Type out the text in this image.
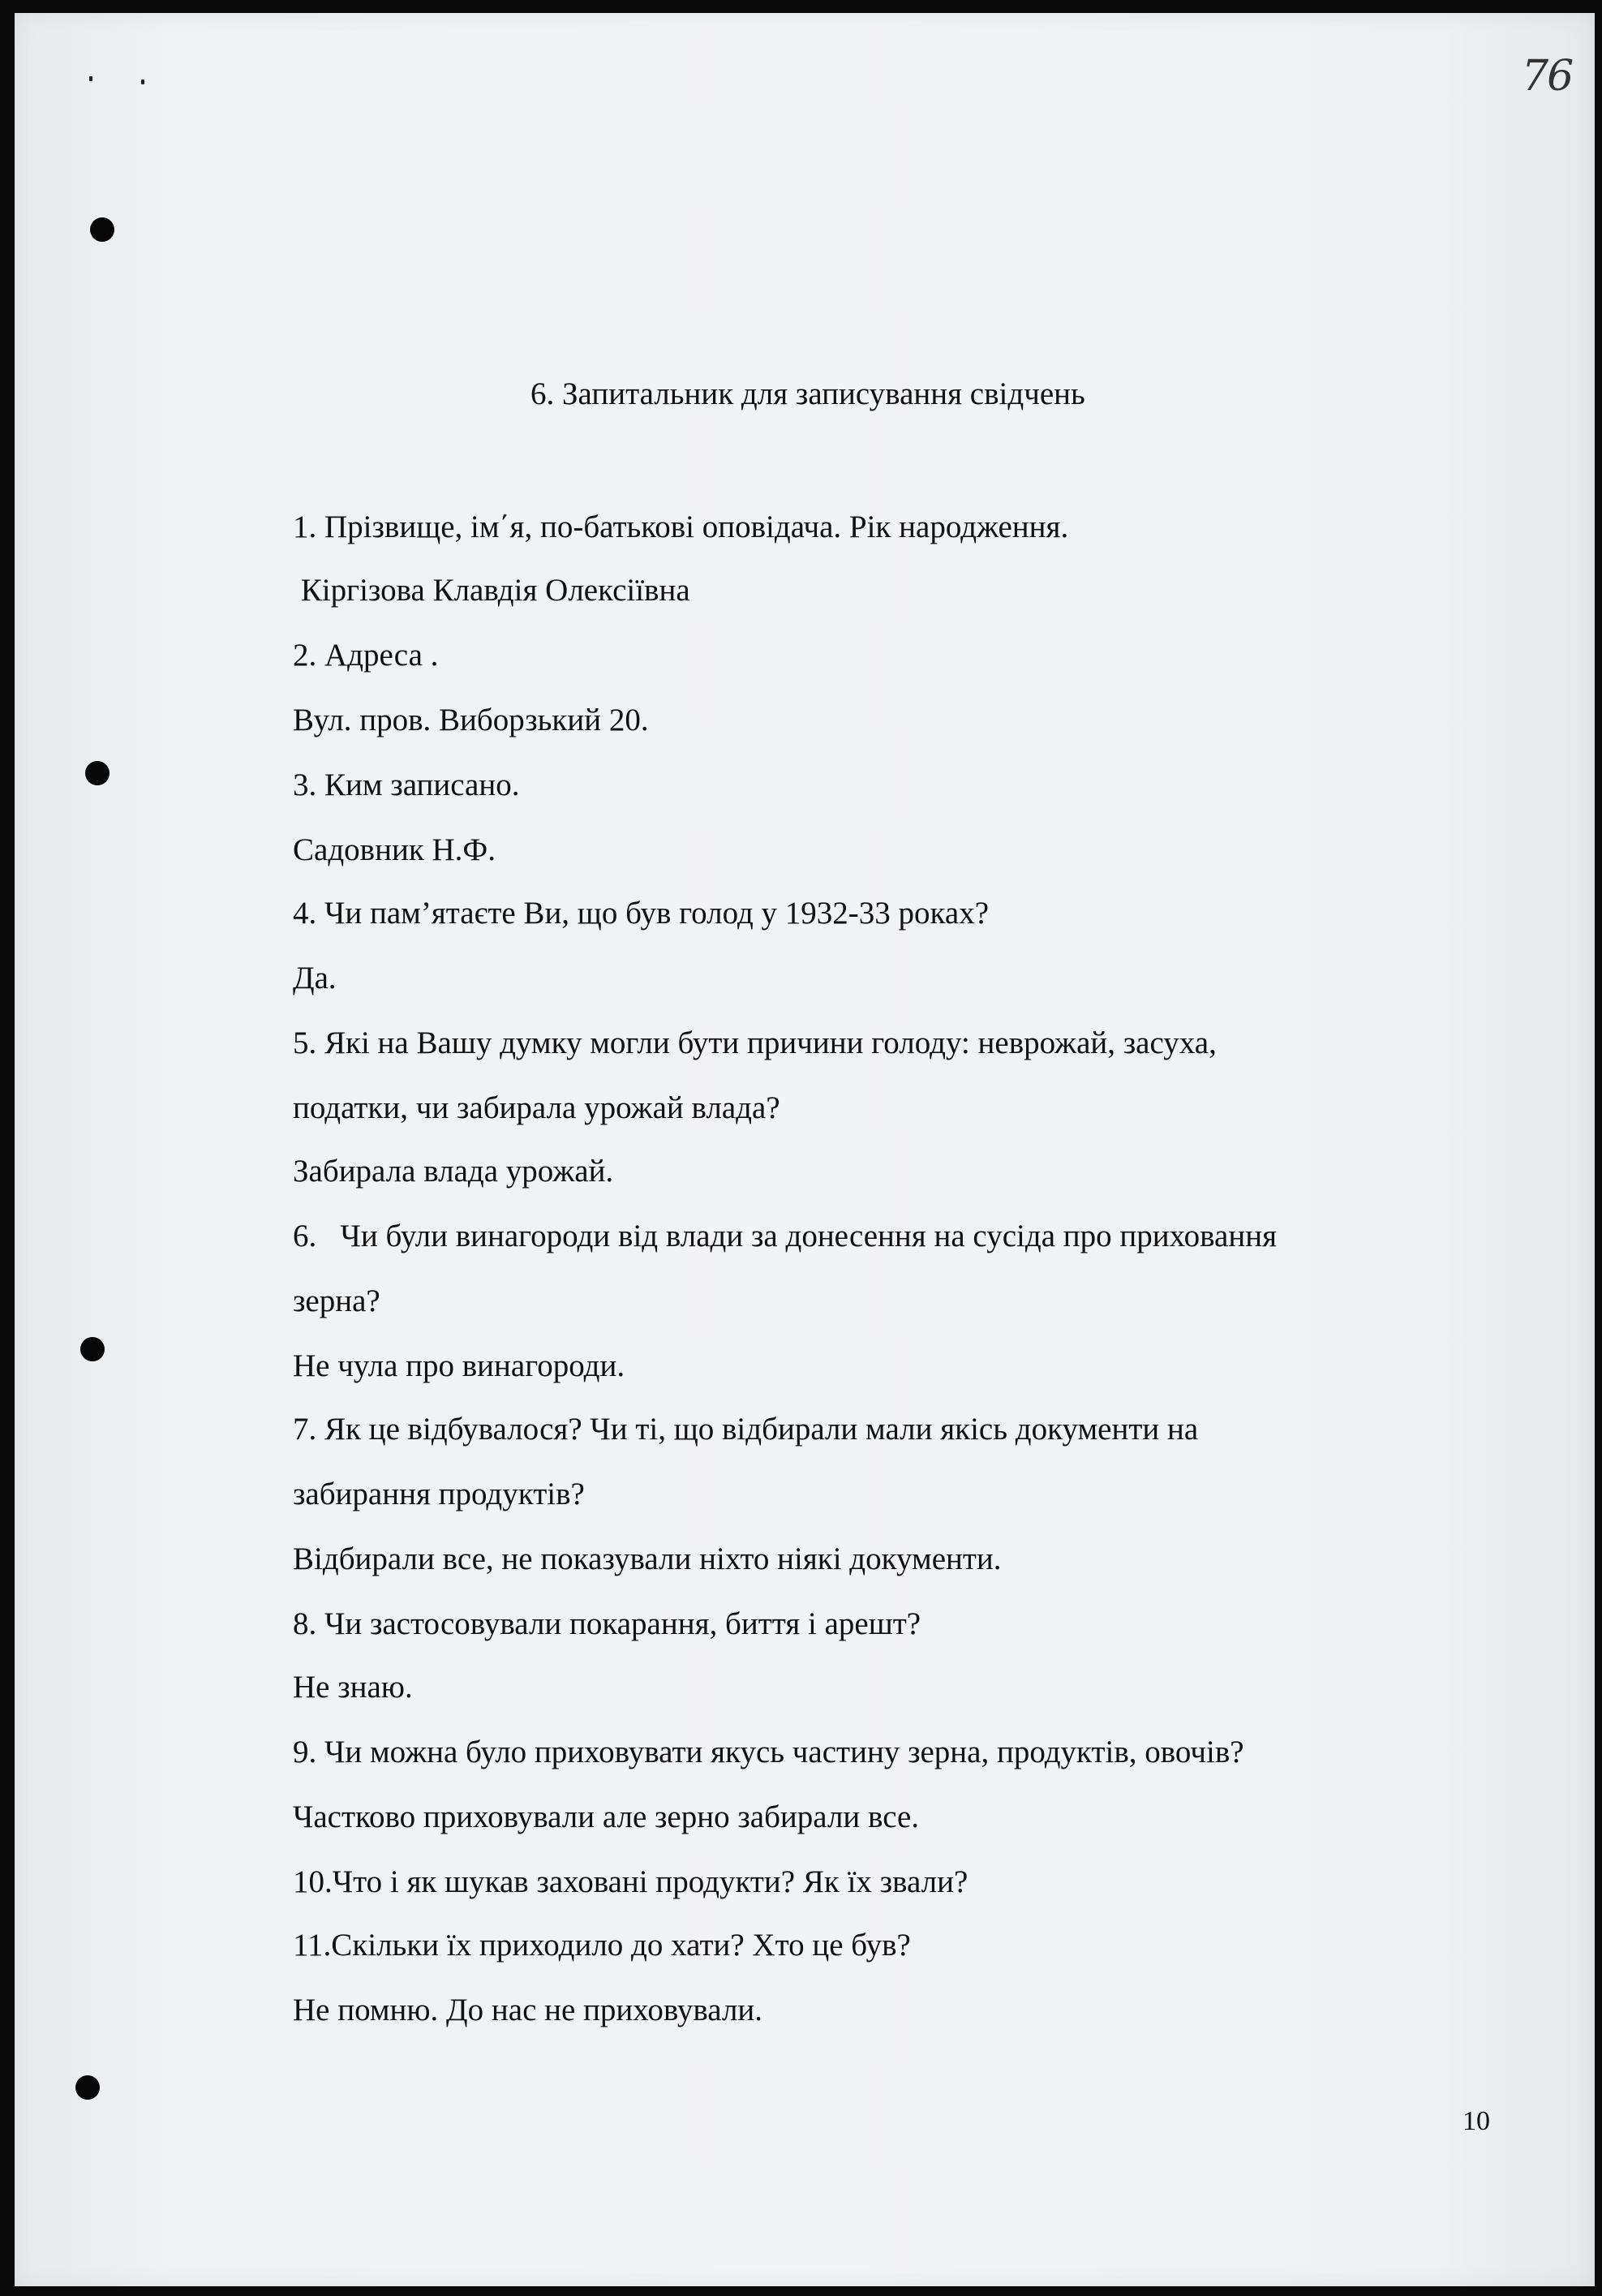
76
6. Запитальник для записування свідчень
1. Прізвище, ім΄я, по-батькові оповідача. Рік народження.
Кіргізова Клавдія Олексіївна
2. Адреса .
Вул. пров. Виборзький 20.
3. Ким записано.
Садовник Н.Ф.
4. Чи пам’ятаєте Ви, що був голод у 1932-33 роках?
Да.
5. Які на Вашу думку могли бути причини голоду: неврожай, засуха,
податки, чи забирала урожай влада?
Забирала влада урожай.
6.   Чи були винагороди від влади за донесення на сусіда про приховання
зерна?
Не чула про винагороди.
7. Як це відбувалося? Чи ті, що відбирали мали якісь документи на
забирання продуктів?
Відбирали все, не показували ніхто ніякі документи.
8. Чи застосовували покарання, биття і арешт?
Не знаю.
9. Чи можна було приховувати якусь частину зерна, продуктів, овочів?
Частково приховували але зерно забирали все.
10.Что і як шукав заховані продукти? Як їх звали?
11.Скільки їх приходило до хати? Хто це був?
Не помню. До нас не приховували.
10
